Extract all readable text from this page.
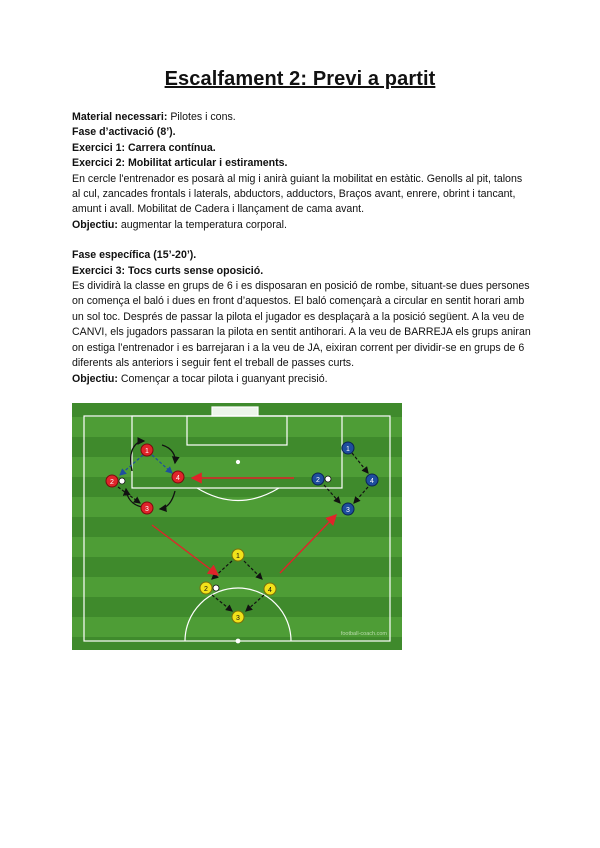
Escalfament 2: Previ a partit

Material necessari: Pilotes i cons.

Fase d’activació (8’).

Exercici 1: Carrera contínua.

Exercici 2: Mobilitat articular i estiraments.

En cercle l'entrenador es posarà al mig i anirà guiant la mobilitat en estàtic. Genolls al pit, talons al cul, zancades frontals i laterals, abductors, adductors, Braços avant, enrere, obrint i tancant, amunt i avall. Mobilitat de Cadera i llançament de cama avant.

Objectiu: augmentar la temperatura corporal.

Fase específica (15’-20’).

Exercici 3: Tocs curts sense oposició.

Es dividirà la classe en grups de 6 i es disposaran en posició de rombe, situant-se dues persones on comença el baló i dues en front d’aquestos. El baló començarà a circular en sentit horari amb un sol toc. Després de passar la pilota el jugador es desplaçarà a la posició següent. A la veu de CANVI, els jugadors passaran la pilota en sentit antihorari. A la veu de BARREJA els grups aniran on estiga l’entrenador i es barrejaran i a la veu de JA, eixiran corrent per dividir-se en grups de 6 diferents als anteriors i seguir fent el treball de passes curts.

Objectiu: Començar a tocar pilota i guanyant precisió.

1
2
3
4
1
2
3
4
1
2
3
4
football-coach.com
